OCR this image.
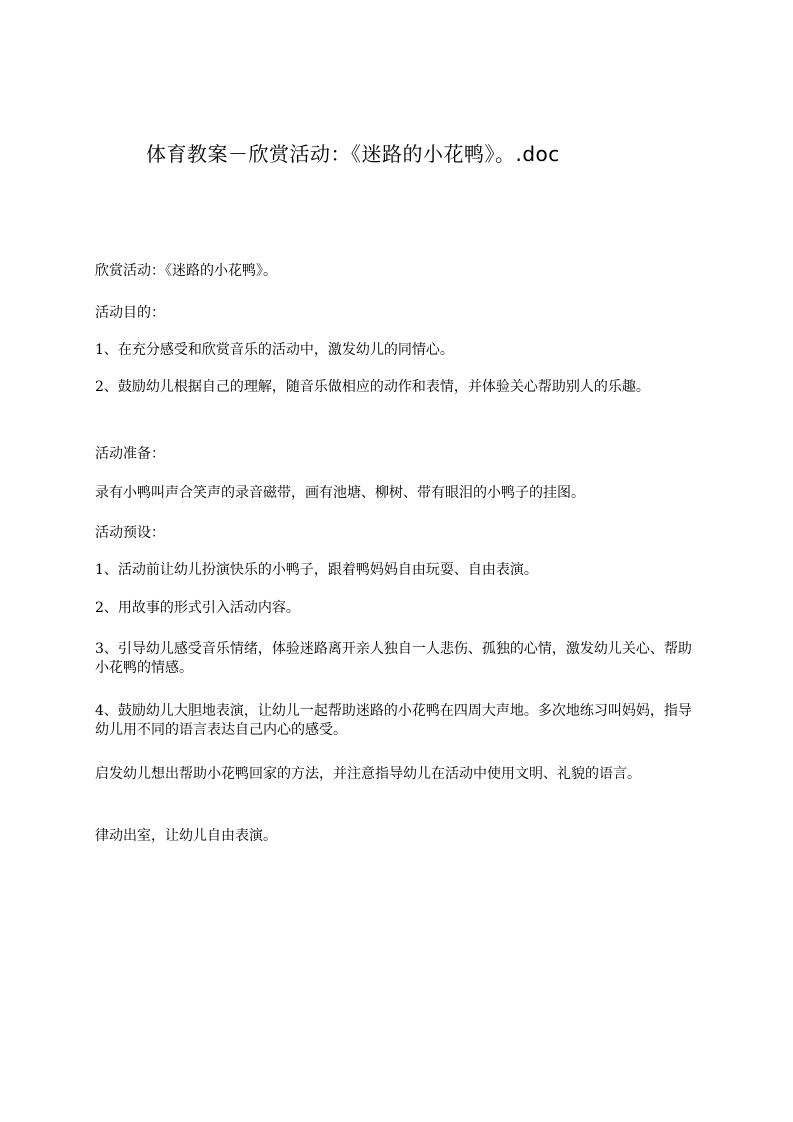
体育教案－欣赏活动：《迷路的小花鸭》。.doc

欣赏活动：《迷路的小花鸭》。

活动目的：

1、在充分感受和欣赏音乐的活动中，激发幼儿的同情心。

2、鼓励幼儿根据自己的理解，随音乐做相应的动作和表情，并体验关心帮助别人的乐趣。

活动准备：

录有小鸭叫声合笑声的录音磁带，画有池塘、柳树、带有眼泪的小鸭子的挂图。

活动预设：

1、活动前让幼儿扮演快乐的小鸭子，跟着鸭妈妈自由玩耍、自由表演。

2、用故事的形式引入活动内容。

3、引导幼儿感受音乐情绪，体验迷路离开亲人独自一人悲伤、孤独的心情，激发幼儿关心、帮助小花鸭的情感。

4、鼓励幼儿大胆地表演，让幼儿一起帮助迷路的小花鸭在四周大声地。多次地练习叫妈妈，指导幼儿用不同的语言表达自己内心的感受。

启发幼儿想出帮助小花鸭回家的方法，并注意指导幼儿在活动中使用文明、礼貌的语言。

律动出室，让幼儿自由表演。
